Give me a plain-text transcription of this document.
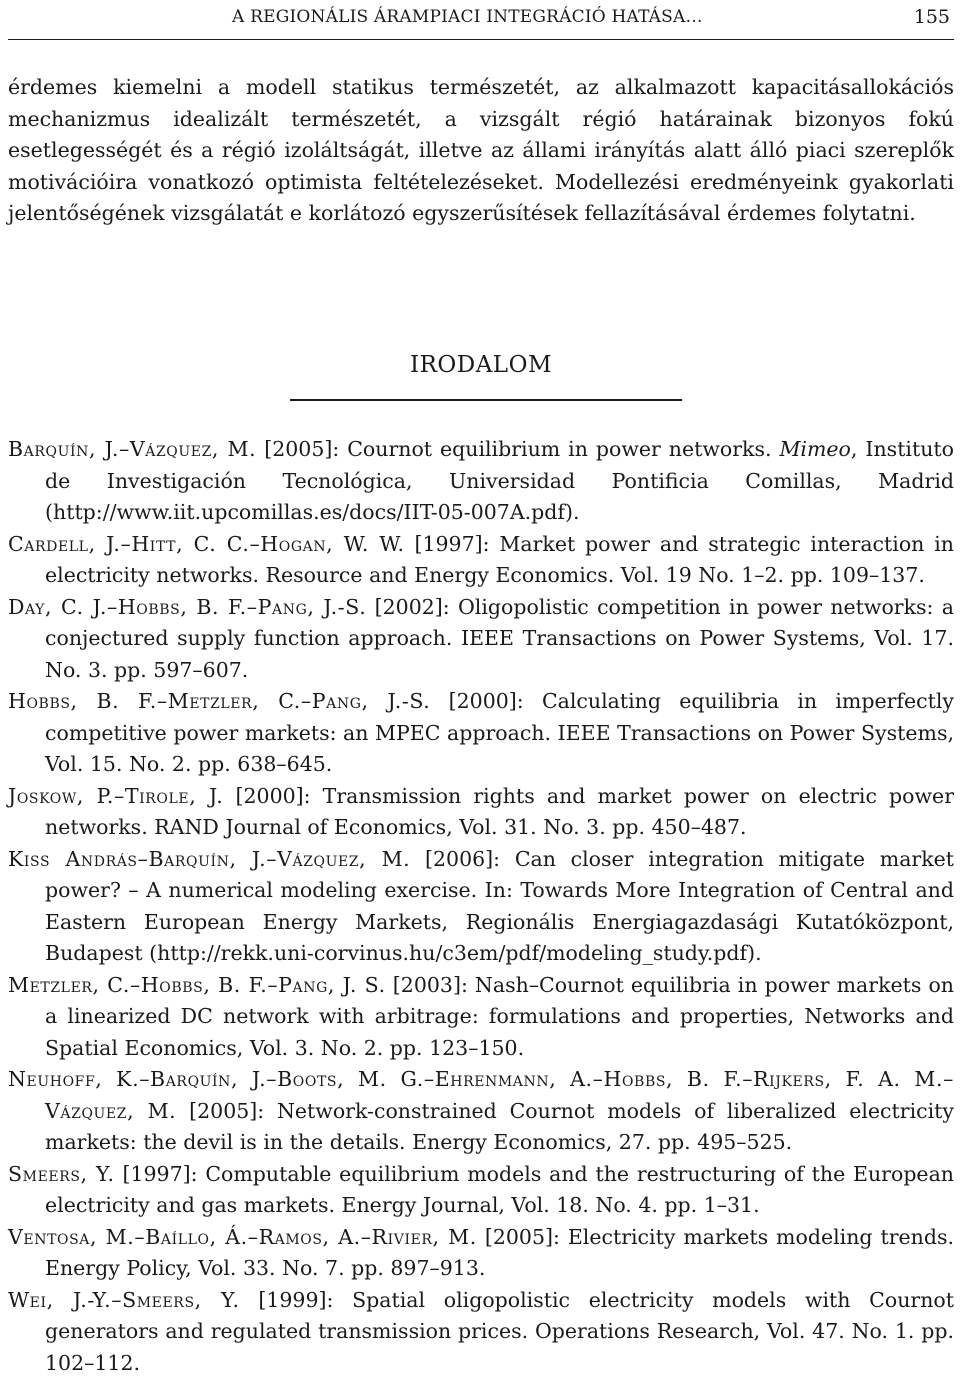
A REGIONÁLIS ÁRAMPIACI INTEGRÁCIÓ HATÁSA…	155

érdemes kiemelni a modell statikus természetét, az alkalmazott kapacitásallokációs mechanizmus idealizált természetét, a vizsgált régió határainak bizonyos fokú esetlegességét és a régió izoláltságát, illetve az állami irányítás alatt álló piaci szereplők motivációira vonatkozó optimista feltételezéseket. Modellezési eredményeink gyakorlati jelentőségének vizsgálatát e korlátozó egyszerűsítések fellazításával érdemes folytatni.

IRODALOM

Barquín, J.–Vázquez, M. [2005]: Cournot equilibrium in power networks. Mimeo, Instituto de Investigación Tecnológica, Universidad Pontificia Comillas, Madrid (http://www.iit.upcomillas.es/docs/IIT-05-007A.pdf).

Cardell, J.–Hitt, C. C.–Hogan, W. W. [1997]: Market power and strategic interaction in electricity networks. Resource and Energy Economics. Vol. 19 No. 1–2. pp. 109–137.

Day, C. J.–Hobbs, B. F.–Pang, J.-S. [2002]: Oligopolistic competition in power networks: a conjectured supply function approach. IEEE Transactions on Power Systems, Vol. 17. No. 3. pp. 597–607.

Hobbs, B. F.–Metzler, C.–Pang, J.-S. [2000]: Calculating equilibria in imperfectly competitive power markets: an MPEC approach. IEEE Transactions on Power Systems, Vol. 15. No. 2. pp. 638–645.

Joskow, P.–Tirole, J. [2000]: Transmission rights and market power on electric power networks. RAND Journal of Economics, Vol. 31. No. 3. pp. 450–487.

Kiss András–Barquín, J.–Vázquez, M. [2006]: Can closer integration mitigate market power? – A numerical modeling exercise. In: Towards More Integration of Central and Eastern European Energy Markets, Regionális Energiagazdasági Kutatóközpont, Budapest (http://rekk.uni-corvinus.hu/c3em/pdf/modeling_study.pdf).

Metzler, C.–Hobbs, B. F.–Pang, J. S. [2003]: Nash–Cournot equilibria in power markets on a linearized DC network with arbitrage: formulations and properties, Networks and Spatial Economics, Vol. 3. No. 2. pp. 123–150.

Neuhoff, K.–Barquín, J.–Boots, M. G.–Ehrenmann, A.–Hobbs, B. F.–Rijkers, F. A. M.–Vázquez, M. [2005]: Network-constrained Cournot models of liberalized electricity markets: the devil is in the details. Energy Economics, 27. pp. 495–525.

Smeers, Y. [1997]: Computable equilibrium models and the restructuring of the European electricity and gas markets. Energy Journal, Vol. 18. No. 4. pp. 1–31.

Ventosa, M.–Baíllo, Á.–Ramos, A.–Rivier, M. [2005]: Electricity markets modeling trends. Energy Policy, Vol. 33. No. 7. pp. 897–913.

Wei, J.-Y.–Smeers, Y. [1999]: Spatial oligopolistic electricity models with Cournot generators and regulated transmission prices. Operations Research, Vol. 47. No. 1. pp. 102–112.
